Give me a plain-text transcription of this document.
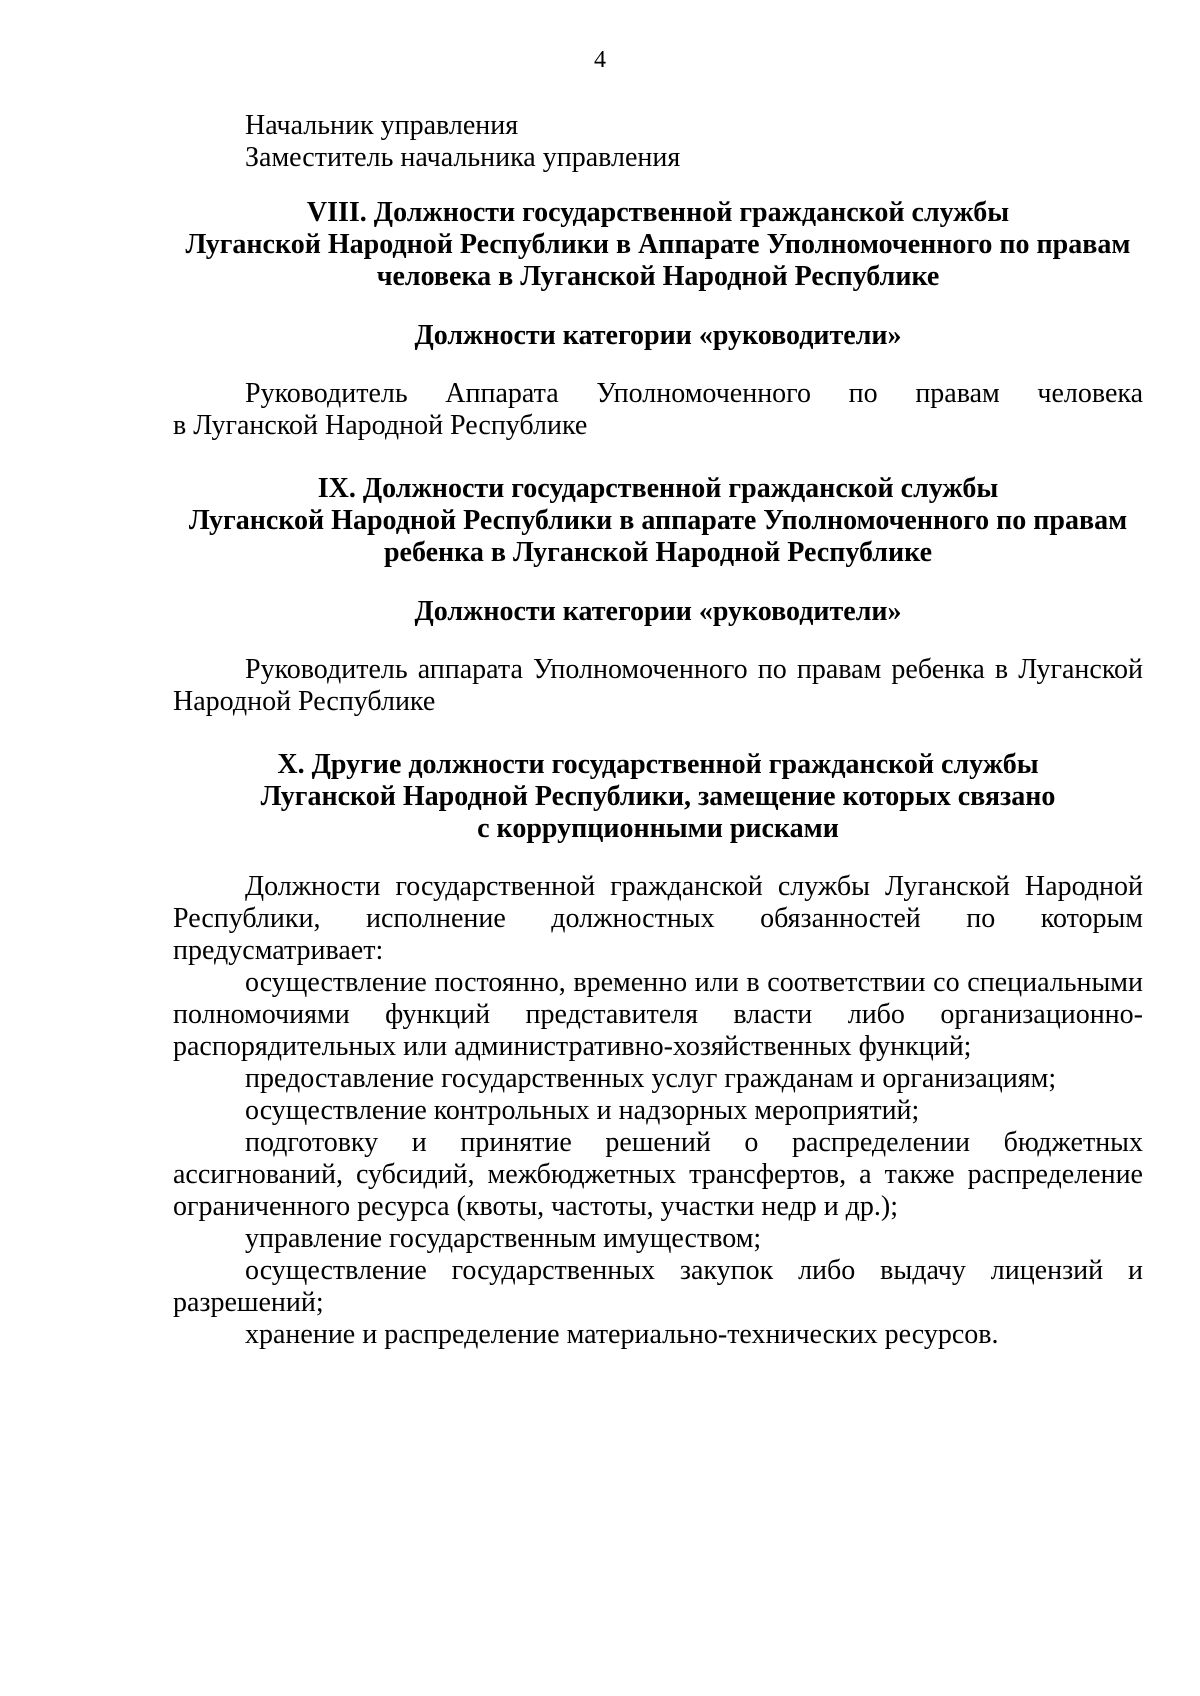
4
Начальник управления
Заместитель начальника управления
VIII. Должности государственной гражданской службы
Луганской Народной Республики в Аппарате Уполномоченного по правам
человека в Луганской Народной Республике
Должности категории «руководители»
Руководитель Аппарата Уполномоченного по правам человека
в Луганской Народной Республике
IX. Должности государственной гражданской службы
Луганской Народной Республики в аппарате Уполномоченного по правам
ребенка в Луганской Народной Республике
Должности категории «руководители»
Руководитель аппарата Уполномоченного по правам ребенка в Луганской Народной Республике
X. Другие должности государственной гражданской службы
Луганской Народной Республики, замещение которых связано
с коррупционными рисками
Должности государственной гражданской службы Луганской Народной Республики, исполнение должностных обязанностей по которым предусматривает:
осуществление постоянно, временно или в соответствии со специальными полномочиями функций представителя власти либо организационно-распорядительных или административно-хозяйственных функций;
предоставление государственных услуг гражданам и организациям;
осуществление контрольных и надзорных мероприятий;
подготовку и принятие решений о распределении бюджетных ассигнований, субсидий, межбюджетных трансфертов, а также распределение ограниченного ресурса (квоты, частоты, участки недр и др.);
управление государственным имуществом;
осуществление государственных закупок либо выдачу лицензий и разрешений;
хранение и распределение материально-технических ресурсов.
